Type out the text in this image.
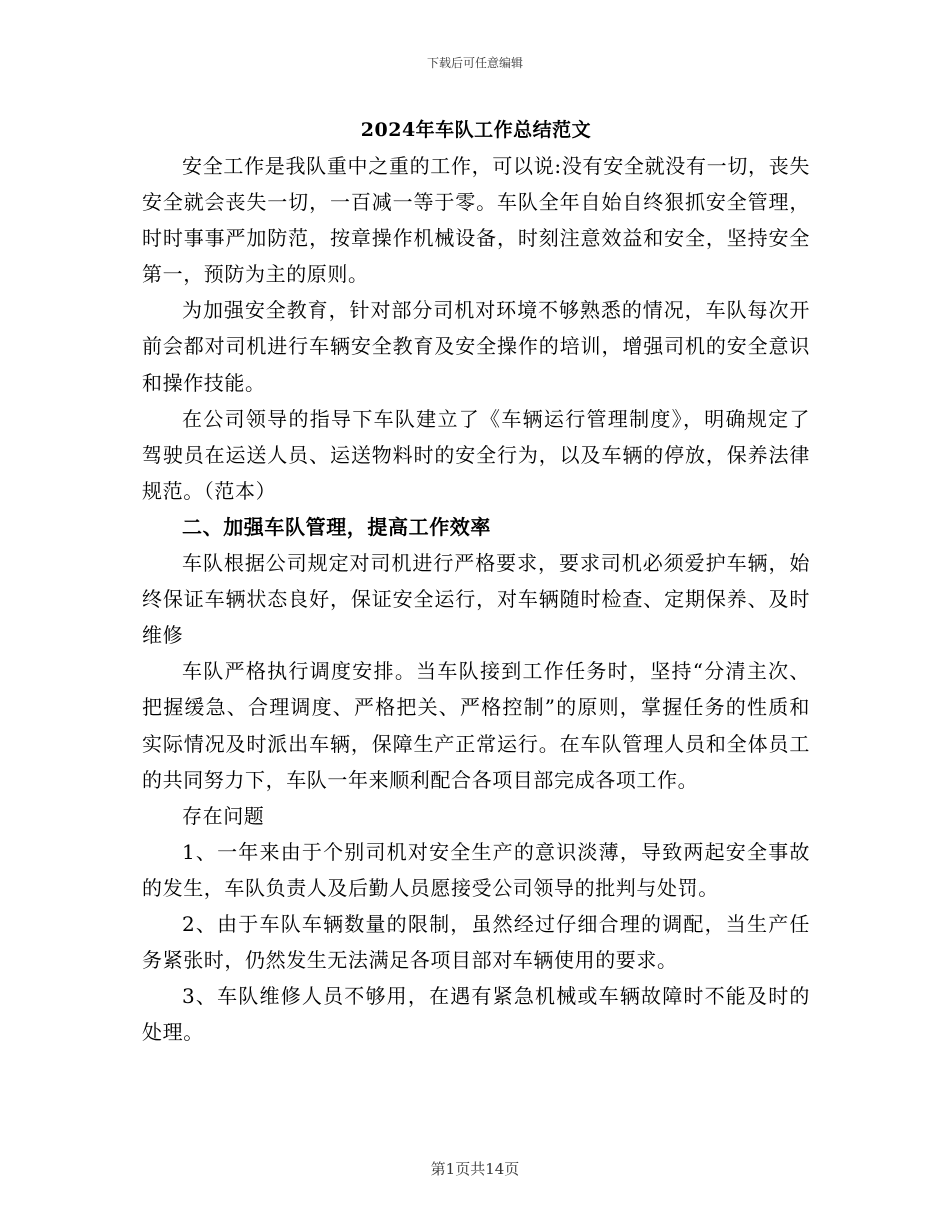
下载后可任意编辑
2024年车队工作总结范文

安全工作是我队重中之重的工作，可以说:没有安全就没有一切，丧失安全就会丧失一切，一百减一等于零。车队全年自始自终狠抓安全管理，时时事事严加防范，按章操作机械设备，时刻注意效益和安全，坚持安全第一，预防为主的原则。

为加强安全教育，针对部分司机对环境不够熟悉的情况，车队每次开前会都对司机进行车辆安全教育及安全操作的培训，增强司机的安全意识和操作技能。

在公司领导的指导下车队建立了《车辆运行管理制度》，明确规定了驾驶员在运送人员、运送物料时的安全行为，以及车辆的停放，保养法律规范。（范本）

二、加强车队管理，提高工作效率

车队根据公司规定对司机进行严格要求，要求司机必须爱护车辆，始终保证车辆状态良好，保证安全运行，对车辆随时检查、定期保养、及时维修

车队严格执行调度安排。当车队接到工作任务时，坚持“分清主次、把握缓急、合理调度、严格把关、严格控制”的原则，掌握任务的性质和实际情况及时派出车辆，保障生产正常运行。在车队管理人员和全体员工的共同努力下，车队一年来顺利配合各项目部完成各项工作。

存在问题

1、一年来由于个别司机对安全生产的意识淡薄，导致两起安全事故的发生，车队负责人及后勤人员愿接受公司领导的批判与处罚。

2、由于车队车辆数量的限制，虽然经过仔细合理的调配，当生产任务紧张时，仍然发生无法满足各项目部对车辆使用的要求。

3、车队维修人员不够用，在遇有紧急机械或车辆故障时不能及时的处理。

第1页共14页
